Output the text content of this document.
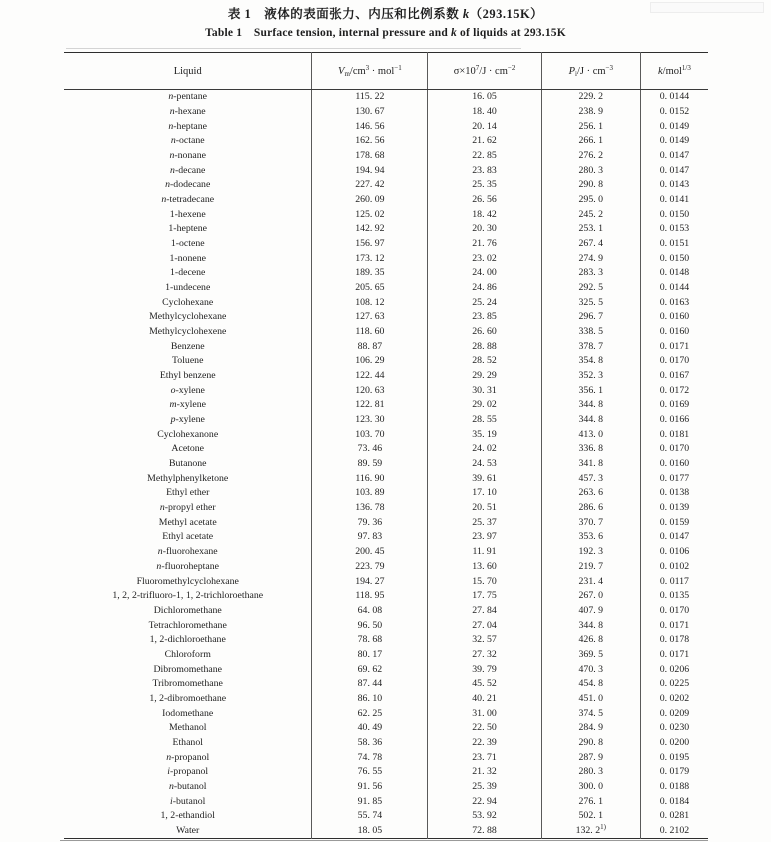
表 1　液体的表面张力、内压和比例系数 k（293.15K）
Table 1　Surface tension, internal pressure and k of liquids at 293.15K
Liquid	$V_m/cm^3 \cdot mol^{-1}$	$\sigma\times 10^7/J \cdot cm^{-2}$	$P_i/J \cdot cm^{-3}$	k/mol$^{1/3}$
n-pentane	115. 22	16. 05	229. 2	0. 0144
n-hexane	130. 67	18. 40	238. 9	0. 0152
n-heptane	146. 56	20. 14	256. 1	0. 0149
n-octane	162. 56	21. 62	266. 1	0. 0149
n-nonane	178. 68	22. 85	276. 2	0. 0147
n-decane	194. 94	23. 83	280. 3	0. 0147
n-dodecane	227. 42	25. 35	290. 8	0. 0143
n-tetradecane	260. 09	26. 56	295. 0	0. 0141
1-hexene	125. 02	18. 42	245. 2	0. 0150
1-heptene	142. 92	20. 30	253. 1	0. 0153
1-octene	156. 97	21. 76	267. 4	0. 0151
1-nonene	173. 12	23. 02	274. 9	0. 0150
1-decene	189. 35	24. 00	283. 3	0. 0148
1-undecene	205. 65	24. 86	292. 5	0. 0144
Cyclohexane	108. 12	25. 24	325. 5	0. 0163
Methylcyclohexane	127. 63	23. 85	296. 7	0. 0160
Methylcyclohexene	118. 60	26. 60	338. 5	0. 0160
Benzene	88. 87	28. 88	378. 7	0. 0171
Toluene	106. 29	28. 52	354. 8	0. 0170
Ethyl benzene	122. 44	29. 29	352. 3	0. 0167
o-xylene	120. 63	30. 31	356. 1	0. 0172
m-xylene	122. 81	29. 02	344. 8	0. 0169
p-xylene	123. 30	28. 55	344. 8	0. 0166
Cyclohexanone	103. 70	35. 19	413. 0	0. 0181
Acetone	73. 46	24. 02	336. 8	0. 0170
Butanone	89. 59	24. 53	341. 8	0. 0160
Methylphenylketone	116. 90	39. 61	457. 3	0. 0177
Ethyl ether	103. 89	17. 10	263. 6	0. 0138
n-propyl ether	136. 78	20. 51	286. 6	0. 0139
Methyl acetate	79. 36	25. 37	370. 7	0. 0159
Ethyl acetate	97. 83	23. 97	353. 6	0. 0147
n-fluorohexane	200. 45	11. 91	192. 3	0. 0106
n-fluoroheptane	223. 79	13. 60	219. 7	0. 0102
Fluoromethylcyclohexane	194. 27	15. 70	231. 4	0. 0117
1, 2, 2-trifluoro-1, 1, 2-trichloroethane	118. 95	17. 75	267. 0	0. 0135
Dichloromethane	64. 08	27. 84	407. 9	0. 0170
Tetrachloromethane	96. 50	27. 04	344. 8	0. 0171
1, 2-dichloroethane	78. 68	32. 57	426. 8	0. 0178
Chloroform	80. 17	27. 32	369. 5	0. 0171
Dibromomethane	69. 62	39. 79	470. 3	0. 0206
Tribromomethane	87. 44	45. 52	454. 8	0. 0225
1, 2-dibromoethane	86. 10	40. 21	451. 0	0. 0202
Iodomethane	62. 25	31. 00	374. 5	0. 0209
Methanol	40. 49	22. 50	284. 9	0. 0230
Ethanol	58. 36	22. 39	290. 8	0. 0200
n-propanol	74. 78	23. 71	287. 9	0. 0195
i-propanol	76. 55	21. 32	280. 3	0. 0179
n-butanol	91. 56	25. 39	300. 0	0. 0188
i-butanol	91. 85	22. 94	276. 1	0. 0184
1, 2-ethandiol	55. 74	53. 92	502. 1	0. 0281
Water	18. 05	72. 88	132. 2$^{1)}$	0. 2102
